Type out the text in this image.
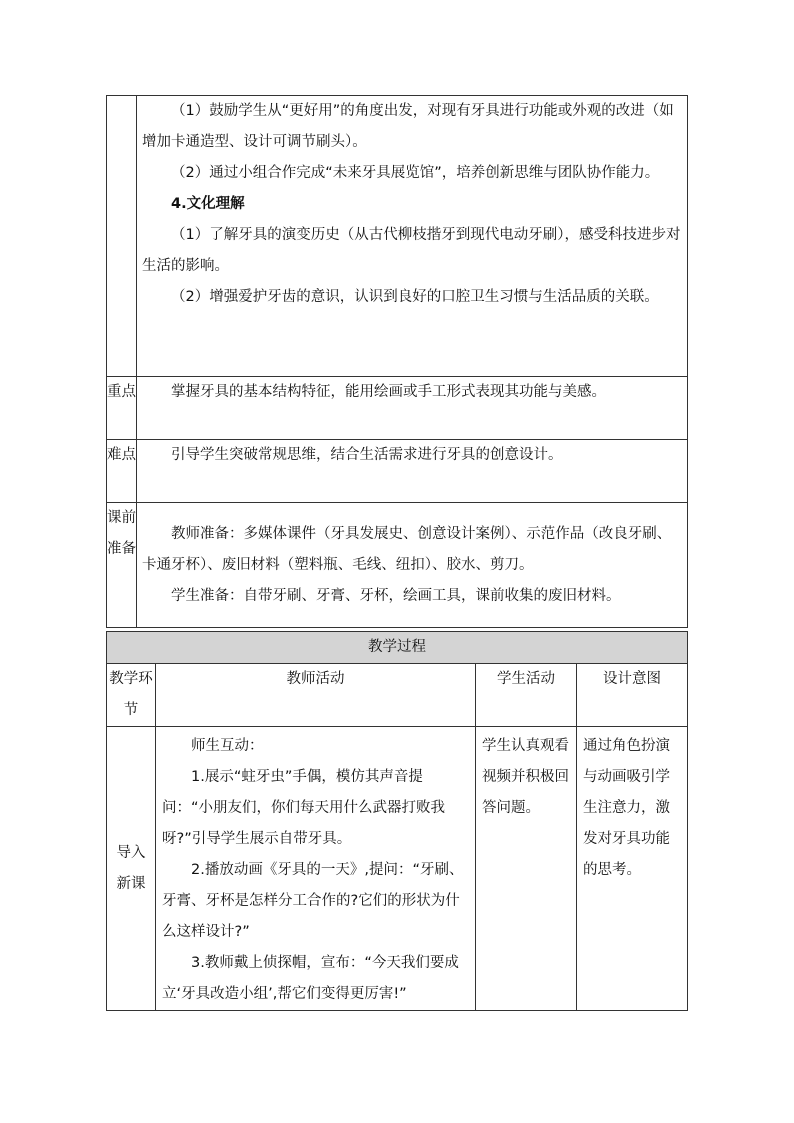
	（1）鼓励学生从“更好用”的角度出发，对现有牙具进行功能或外观的改进（如增加卡通造型、设计可调节刷头）。

（2）通过小组合作完成“未来牙具展览馆”，培养创新思维与团队协作能力。

4.文化理解

（1）了解牙具的演变历史（从古代柳枝揩牙到现代电动牙刷），感受科技进步对生活的影响。

（2）增强爱护牙齿的意识，认识到良好的口腔卫生习惯与生活品质的关联。

重点	掌握牙具的基本结构特征，能用绘画或手工形式表现其功能与美感。

难点	引导学生突破常规思维，结合生活需求进行牙具的创意设计。

课前准备	教师准备：多媒体课件（牙具发展史、创意设计案例）、示范作品（改良牙刷、卡通牙杯）、废旧材料（塑料瓶、毛线、纽扣）、胶水、剪刀。

学生准备：自带牙刷、牙膏、牙杯，绘画工具，课前收集的废旧材料。

教学过程			
教学环节	教师活动	学生活动	设计意图
导入新课	师生互动：

1.展示“蛀牙虫”手偶，模仿其声音提问：“小朋友们，你们每天用什么武器打败我呀?”引导学生展示自带牙具。

2.播放动画《牙具的一天》,提问：“牙刷、牙膏、牙杯是怎样分工合作的?它们的形状为什么这样设计?”

3.教师戴上侦探帽，宣布：“今天我们要成立‘牙具改造小组’,帮它们变得更厉害!”	学生认真观看视频并积极回答问题。	通过角色扮演与动画吸引学生注意力，激发对牙具功能的思考。
